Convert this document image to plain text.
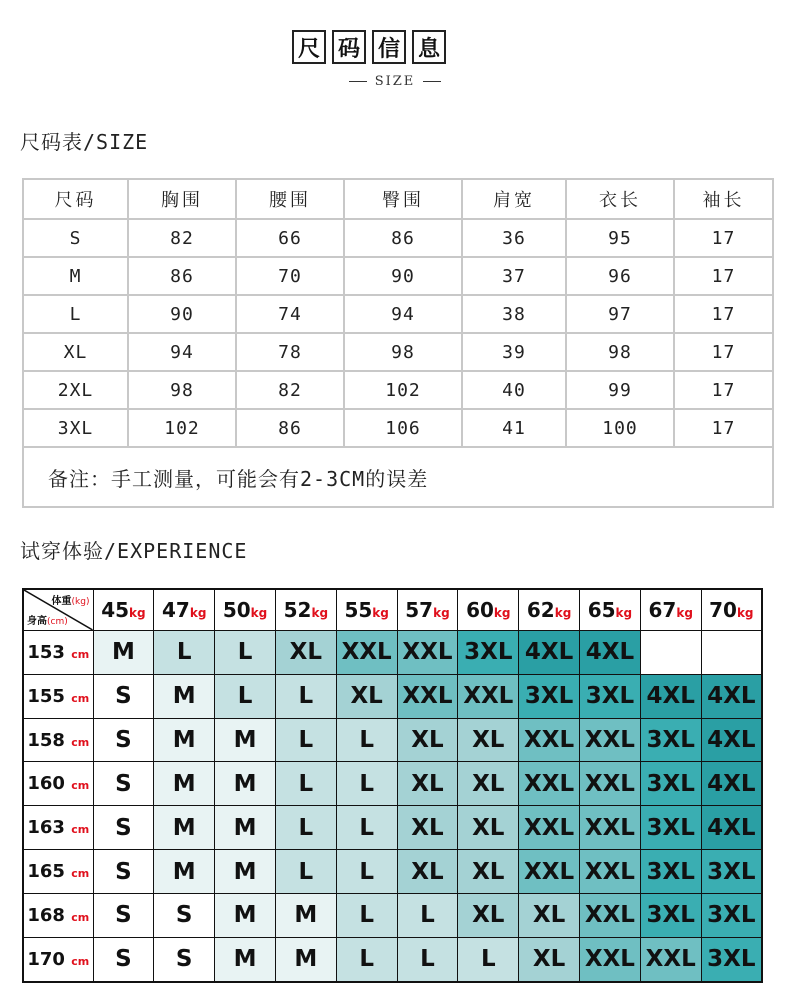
尺 码 信 息
SIZE
尺码表/SIZE
尺码	胸围	腰围	臀围	肩宽	衣长	袖长
S	82	66	86	36	95	17
M	86	70	90	37	96	17
L	90	74	94	38	97	17
XL	94	78	98	39	98	17
2XL	98	82	102	40	99	17
3XL	102	86	106	41	100	17
备注：手工测量，可能会有2-3CM的误差						
试穿体验/EXPERIENCE
体重(kg)
身高(cm)	45kg	47kg	50kg	52kg	55kg	57kg	60kg	62kg	65kg	67kg	70kg
153 cm	M	L	L	XL	XXL	XXL	3XL	4XL	4XL		
155 cm	S	M	L	L	XL	XXL	XXL	3XL	3XL	4XL	4XL
158 cm	S	M	M	L	L	XL	XL	XXL	XXL	3XL	4XL
160 cm	S	M	M	L	L	XL	XL	XXL	XXL	3XL	4XL
163 cm	S	M	M	L	L	XL	XL	XXL	XXL	3XL	4XL
165 cm	S	M	M	L	L	XL	XL	XXL	XXL	3XL	3XL
168 cm	S	S	M	M	L	L	XL	XL	XXL	3XL	3XL
170 cm	S	S	M	M	L	L	L	XL	XXL	XXL	3XL
